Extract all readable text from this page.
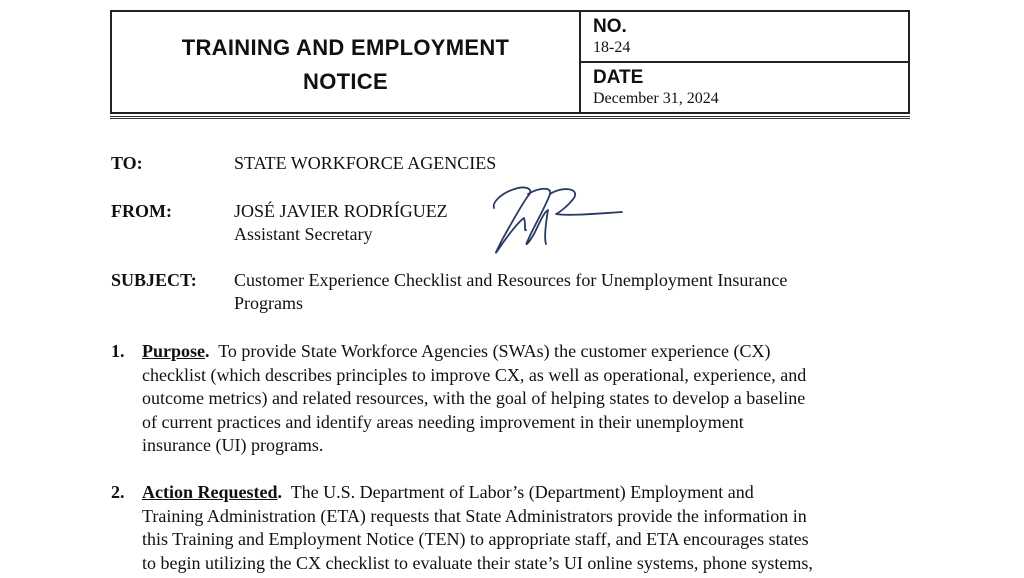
TRAINING AND EMPLOYMENT
NOTICE
NO.
18-24
DATE
December 31, 2024
TO:	STATE WORKFORCE AGENCIES
FROM:	JOSÉ JAVIER RODRÍGUEZ
Assistant Secretary
SUBJECT: Customer Experience Checklist and Resources for Unemployment Insurance
Programs
1. Purpose. To provide State Workforce Agencies (SWAs) the customer experience (CX)
checklist (which describes principles to improve CX, as well as operational, experience, and
outcome metrics) and related resources, with the goal of helping states to develop a baseline
of current practices and identify areas needing improvement in their unemployment
insurance (UI) programs.
2. Action Requested. The U.S. Department of Labor’s (Department) Employment and
Training Administration (ETA) requests that State Administrators provide the information in
this Training and Employment Notice (TEN) to appropriate staff, and ETA encourages states
to begin utilizing the CX checklist to evaluate their state’s UI online systems, phone systems,
